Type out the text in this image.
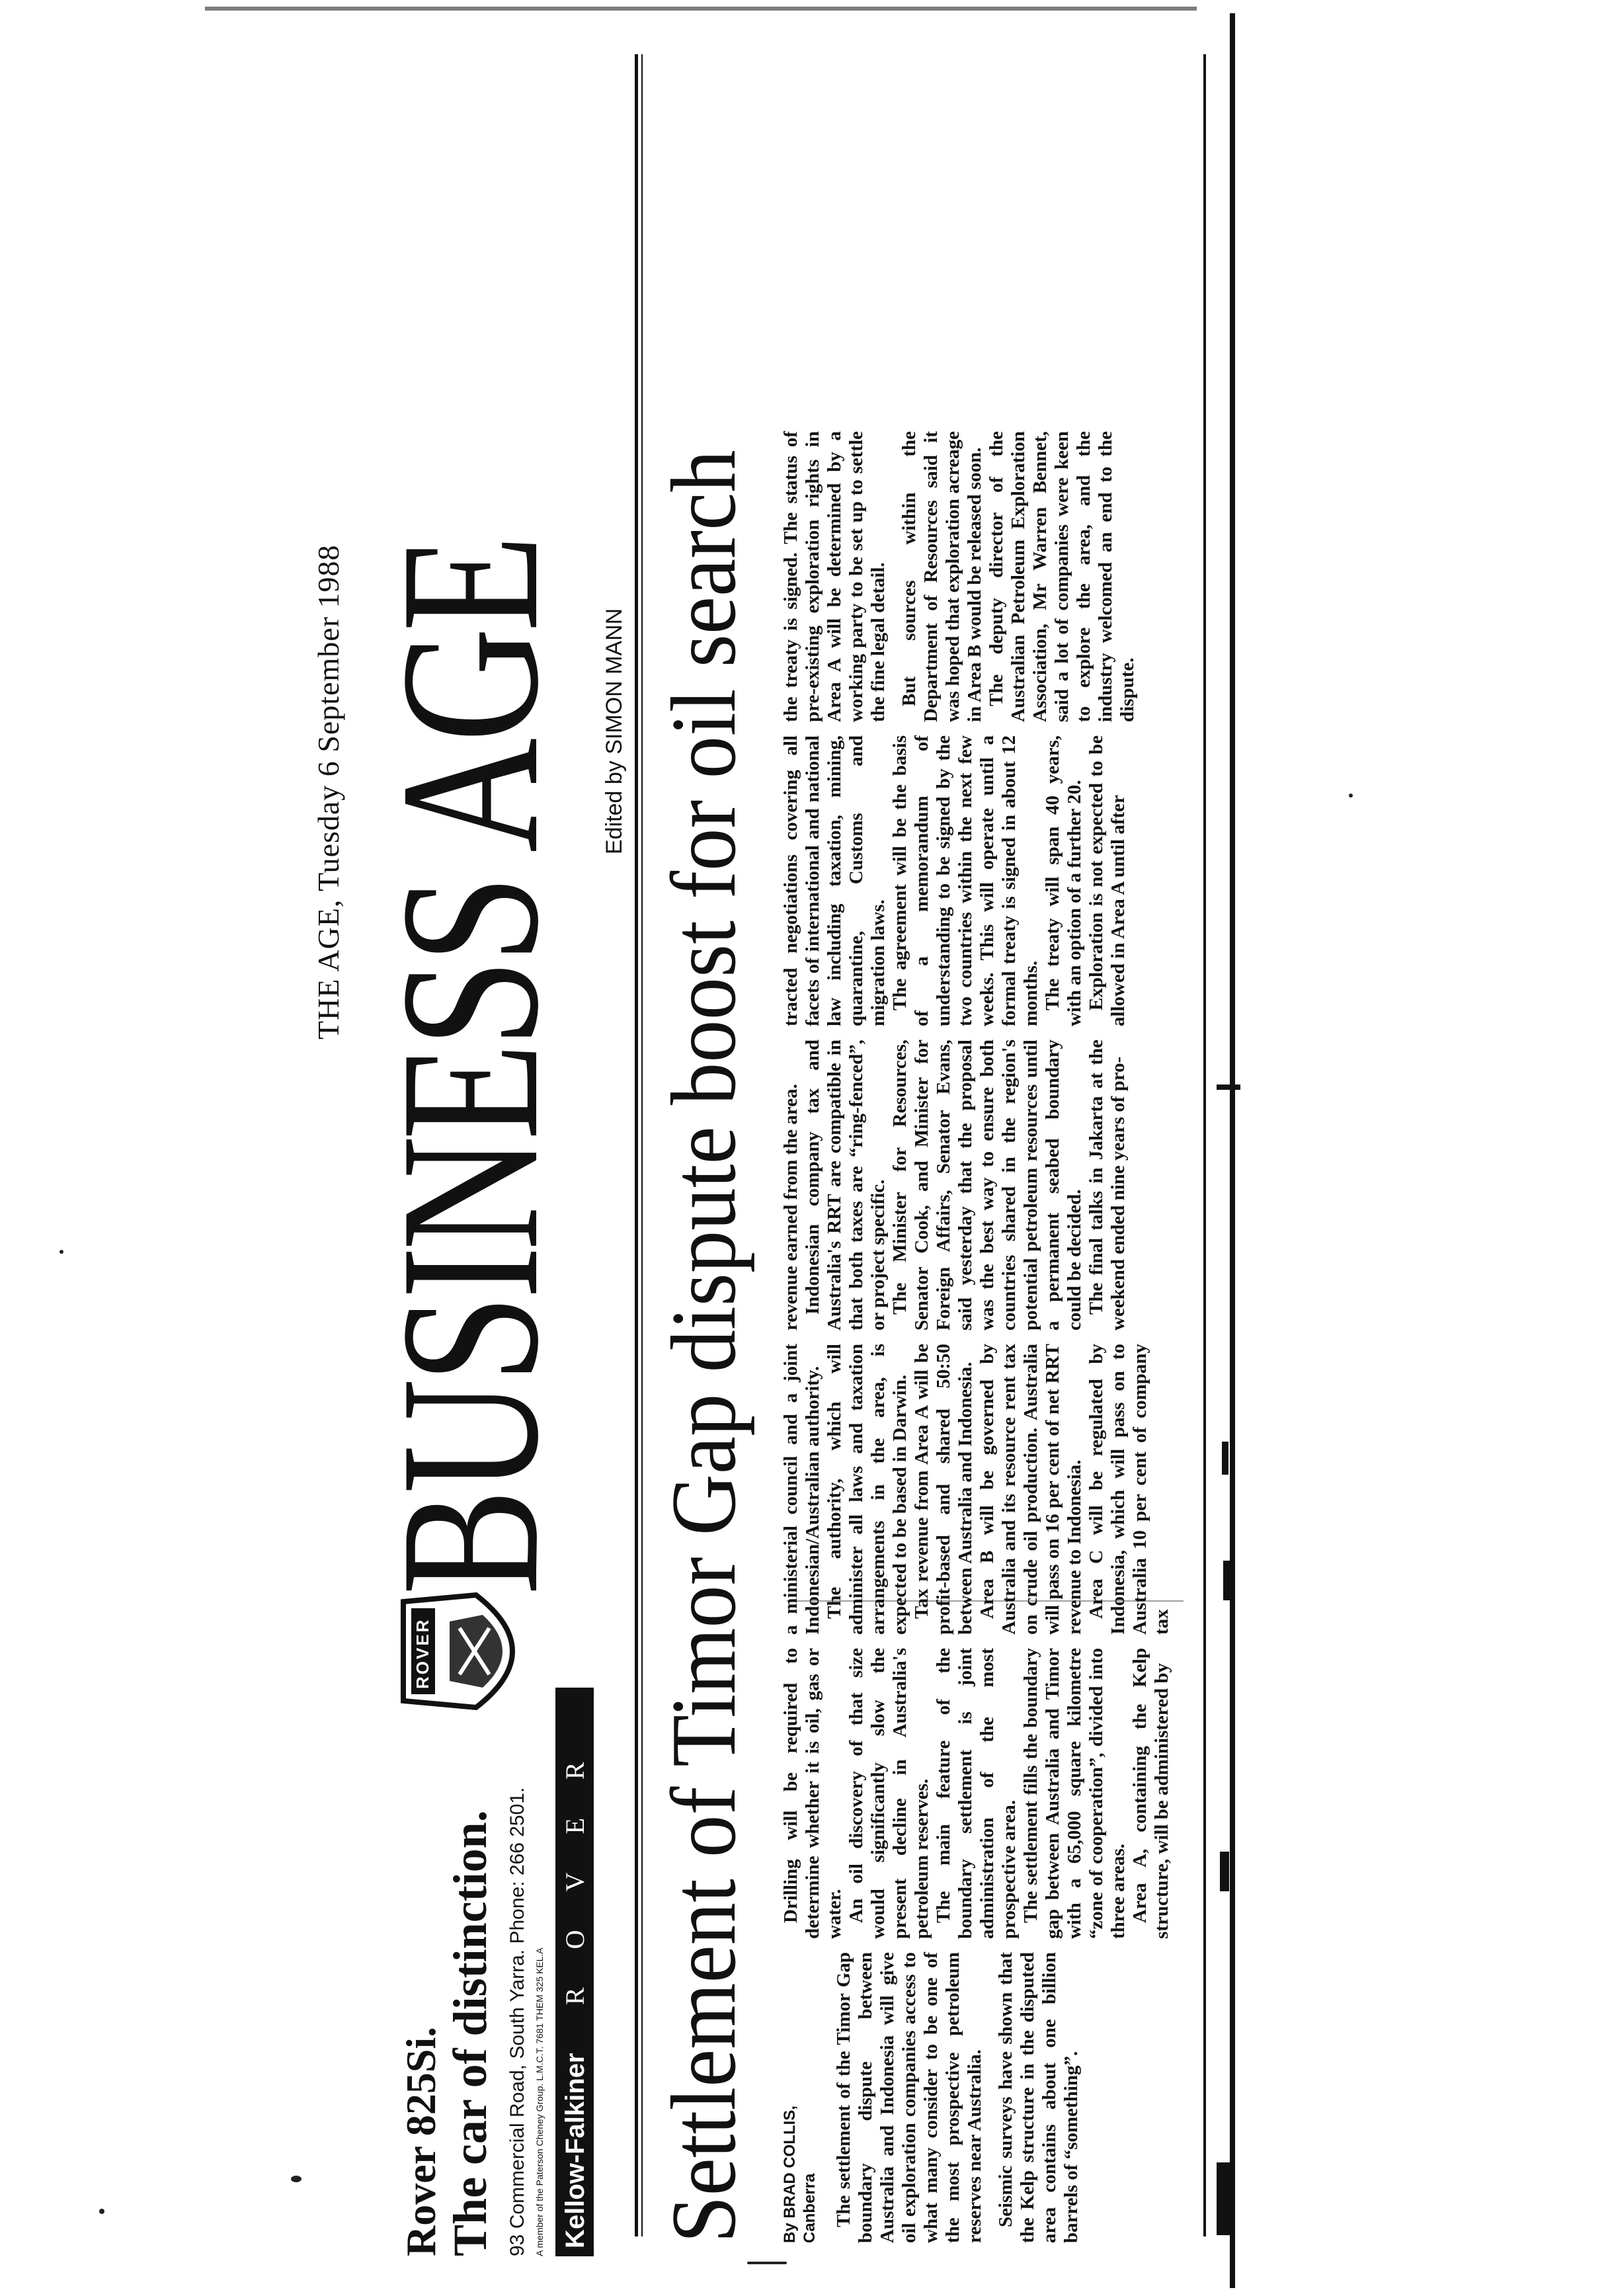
THE AGE, Tuesday 6 September 1988
Rover 825Si. The car of distinction. 93 Commercial Road, South Yarra. Phone: 266 2501. A member of the Paterson Cheney Group. L.M.C.T. 7681 THEM 325 KEL.A Kellow-Falkiner
ROVER
ROVER
BUSINESS AGE Edited by SIMON MANN Settlement of Timor Gap dispute boost for oil search By BRAD COLLIS, Canberra The settlement of the Timor Gap boundary dispute between Australia and Indonesia will give oil exploration companies access to what many consider to be one of the most prospective petroleum reserves near Australia. Seismic surveys have shown that the Kelp structure in the disputed area contains about one billion barrels of “something”.

Drilling will be required to determine whether it is oil, gas or water. An oil discovery of that size would significantly slow the present decline in Australia's petroleum reserves. The main feature of the boundary settlement is joint administration of the most prospective area. The settlement fills the boundary gap between Australia and Timor with a 65,000 square kilometre “zone of cooperation”, divided into three areas. Area A, containing the Kelp structure, will be administered by

a ministerial council and a joint Indonesian/Australian authority. The authority, which will administer all laws and taxation arrangements in the area, is expected to be based in Darwin. Tax revenue from Area A will be profit-based and shared 50:50 between Australia and Indonesia. Area B will be governed by Australia and its resource rent tax on crude oil production. Australia will pass on 16 per cent of net RRT revenue to Indonesia. Area C will be regulated by Indonesia, which will pass on to Australia 10 per cent of company tax

revenue earned from the area. Indonesian company tax and Australia's RRT are compatible in that both taxes are “ring-fenced”, or project specific. The Minister for Resources, Senator Cook, and Minister for Foreign Affairs, Senator Evans, said yesterday that the proposal was the best way to ensure both countries shared in the region's potential petroleum resources until a permanent seabed boundary could be decided. The final talks in Jakarta at the weekend ended nine years of pro-

tracted negotiations covering all facets of international and national law including taxation, mining, quarantine, Customs and migration laws. The agreement will be the basis of a memorandum of understanding to be signed by the two countries within the next few weeks. This will operate until a formal treaty is signed in about 12 months. The treaty will span 40 years, with an option of a further 20. Exploration is not expected to be allowed in Area A until after

the treaty is signed. The status of pre-existing exploration rights in Area A will be determined by a working party to be set up to settle the fine legal detail. But sources within the Department of Resources said it was hoped that exploration acreage in Area B would be released soon. The deputy director of the Australian Petroleum Exploration Association, Mr Warren Bennet, said a lot of companies were keen to explore the area, and the industry welcomed an end to the dispute.
